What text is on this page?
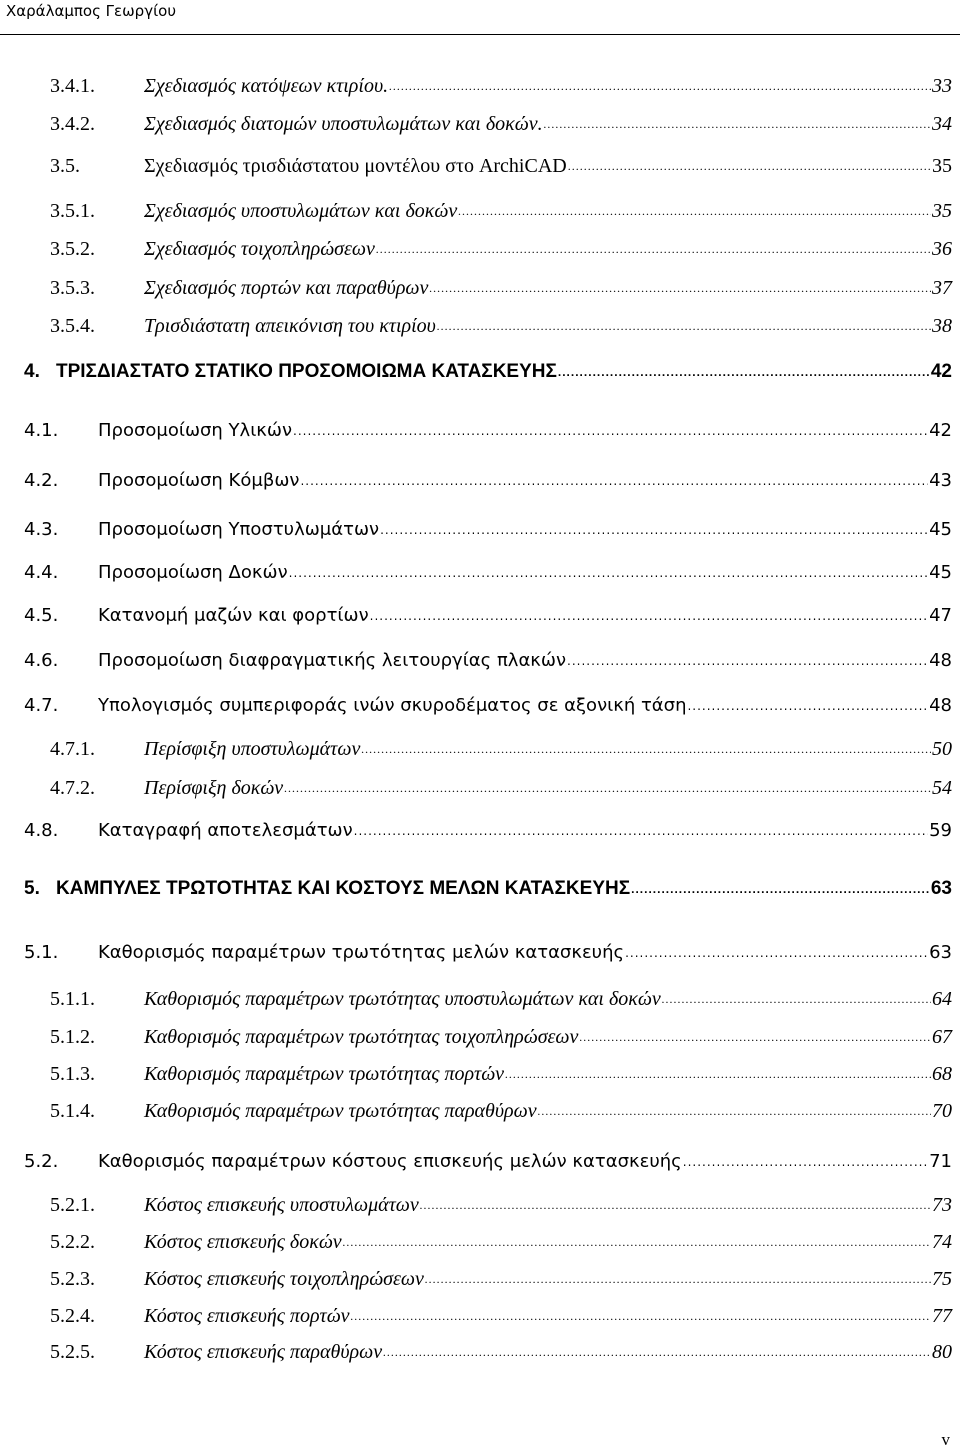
Χαράλαμπος Γεωργίου
3.4.1.	Σχεδιασμός κατόψεων κτιρίου. .....	33
3.4.2.	Σχεδιασμός διατομών υποστυλωμάτων και δοκών. .....	34
3.5.	Σχεδιασμός τρισδιάστατου μοντέλου στο ArchiCAD .....	35
3.5.1.	Σχεδιασμός υποστυλωμάτων και δοκών .....	35
3.5.2.	Σχεδιασμός τοιχοπληρώσεων .....	36
3.5.3.	Σχεδιασμός πορτών και παραθύρων .....	37
3.5.4.	Τρισδιάστατη απεικόνιση του κτιρίου .....	38
4. ΤΡΙΣΔΙΑΣΤΑΤΟ ΣΤΑΤΙΚΟ ΠΡΟΣΟΜΟΙΩΜΑ ΚΑΤΑΣΚΕΥΗΣ .....	42
4.1.	Προσομοίωση Υλικών .....	42
4.2.	Προσομοίωση Κόμβων .....	43
4.3.	Προσομοίωση Υποστυλωμάτων .....	45
4.4.	Προσομοίωση Δοκών .....	45
4.5.	Κατανομή μαζών και φορτίων .....	47
4.6.	Προσομοίωση διαφραγματικής λειτουργίας πλακών .....	48
4.7.	Υπολογισμός συμπεριφοράς ινών σκυροδέματος σε αξονική τάση .....	48
4.7.1.	Περίσφιξη υποστυλωμάτων .....	50
4.7.2.	Περίσφιξη δοκών .....	54
4.8.	Καταγραφή αποτελεσμάτων .....	59
5. ΚΑΜΠΥΛΕΣ ΤΡΩΤΟΤΗΤΑΣ ΚΑΙ ΚΟΣΤΟΥΣ ΜΕΛΩΝ ΚΑΤΑΣΚΕΥΗΣ .....	63
5.1.	Καθορισμός παραμέτρων τρωτότητας μελών κατασκευής .....	63
5.1.1.	Καθορισμός παραμέτρων τρωτότητας υποστυλωμάτων και δοκών .....	64
5.1.2.	Καθορισμός παραμέτρων τρωτότητας τοιχοπληρώσεων .....	67
5.1.3.	Καθορισμός παραμέτρων τρωτότητας πορτών .....	68
5.1.4.	Καθορισμός παραμέτρων τρωτότητας παραθύρων .....	70
5.2.	Καθορισμός παραμέτρων κόστους επισκευής μελών κατασκευής .....	71
5.2.1.	Κόστος επισκευής υποστυλωμάτων .....	73
5.2.2.	Κόστος επισκευής δοκών .....	74
5.2.3.	Κόστος επισκευής τοιχοπληρώσεων .....	75
5.2.4.	Κόστος επισκευής πορτών .....	77
5.2.5.	Κόστος επισκευής παραθύρων .....	80
v
